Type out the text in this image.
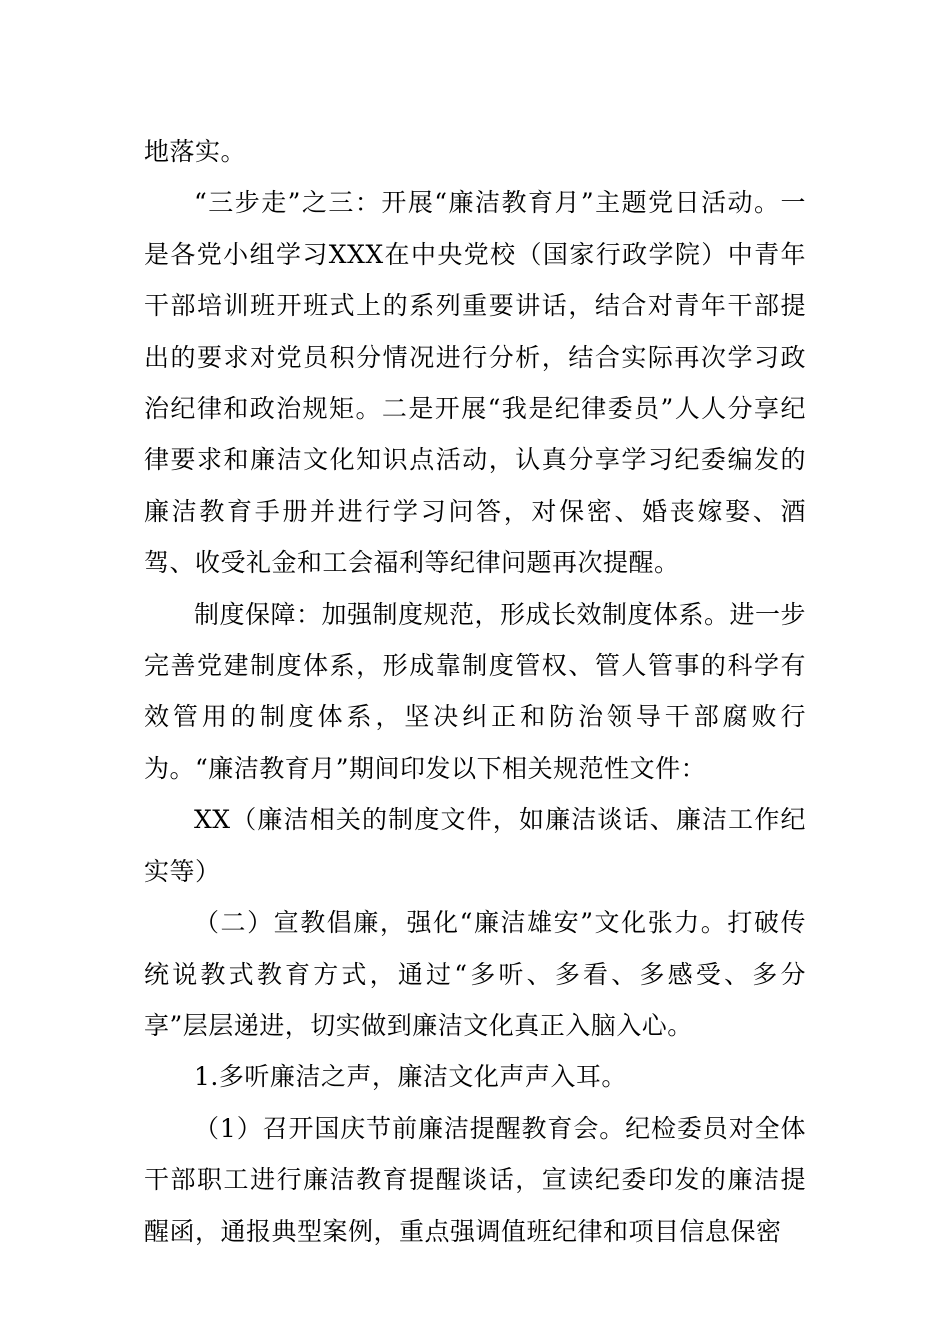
地落实。

“三步走”之三：开展“廉洁教育月”主题党日活动。一是各党小组学习XXX在中央党校（国家行政学院）中青年干部培训班开班式上的系列重要讲话，结合对青年干部提出的要求对党员积分情况进行分析，结合实际再次学习政治纪律和政治规矩。二是开展“我是纪律委员”人人分享纪律要求和廉洁文化知识点活动，认真分享学习纪委编发的廉洁教育手册并进行学习问答，对保密、婚丧嫁娶、酒驾、收受礼金和工会福利等纪律问题再次提醒。

制度保障：加强制度规范，形成长效制度体系。进一步完善党建制度体系，形成靠制度管权、管人管事的科学有效管用的制度体系，坚决纠正和防治领导干部腐败行为。“廉洁教育月”期间印发以下相关规范性文件：

XX（廉洁相关的制度文件，如廉洁谈话、廉洁工作纪实等）

（二）宣教倡廉，强化“廉洁雄安”文化张力。打破传统说教式教育方式，通过“多听、多看、多感受、多分享”层层递进，切实做到廉洁文化真正入脑入心。

1.多听廉洁之声，廉洁文化声声入耳。

（1）召开国庆节前廉洁提醒教育会。纪检委员对全体干部职工进行廉洁教育提醒谈话，宣读纪委印发的廉洁提醒函，通报典型案例，重点强调值班纪律和项目信息保密
